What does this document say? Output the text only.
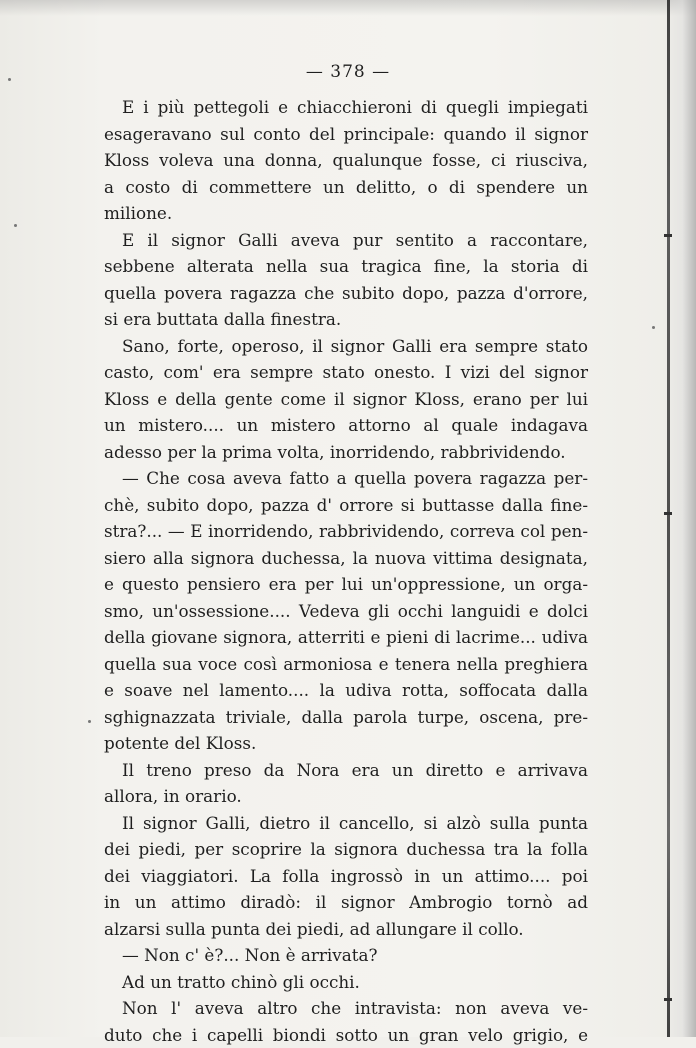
— 378 —
E i più pettegoli e chiacchieroni di quegli impiegati
esageravano sul conto del principale: quando il signor
Kloss voleva una donna, qualunque fosse, ci riusciva,
a costo di commettere un delitto, o di spendere un
milione.
E il signor Galli aveva pur sentito a raccontare,
sebbene alterata nella sua tragica fine, la storia di
quella povera ragazza che subito dopo, pazza d'orrore,
si era buttata dalla finestra.
Sano, forte, operoso, il signor Galli era sempre stato
casto, com' era sempre stato onesto. I vizi del signor
Kloss e della gente come il signor Kloss, erano per lui
un mistero.... un mistero attorno al quale indagava
adesso per la prima volta, inorridendo, rabbrividendo.
— Che cosa aveva fatto a quella povera ragazza per-
chè, subito dopo, pazza d' orrore si buttasse dalla fine-
stra?... — E inorridendo, rabbrividendo, correva col pen-
siero alla signora duchessa, la nuova vittima designata,
e questo pensiero era per lui un'oppressione, un orga-
smo, un'ossessione.... Vedeva gli occhi languidi e dolci
della giovane signora, atterriti e pieni di lacrime... udiva
quella sua voce così armoniosa e tenera nella preghiera
e soave nel lamento.... la udiva rotta, soffocata dalla
sghignazzata triviale, dalla parola turpe, oscena, pre-
potente del Kloss.
Il treno preso da Nora era un diretto e arrivava
allora, in orario.
Il signor Galli, dietro il cancello, si alzò sulla punta
dei piedi, per scoprire la signora duchessa tra la folla
dei viaggiatori. La folla ingrossò in un attimo.... poi
in un attimo diradò: il signor Ambrogio tornò ad
alzarsi sulla punta dei piedi, ad allungare il collo.
— Non c' è?... Non è arrivata?
Ad un tratto chinò gli occhi.
Non l' aveva altro che intravista: non aveva ve-
duto che i capelli biondi sotto un gran velo grigio, e
